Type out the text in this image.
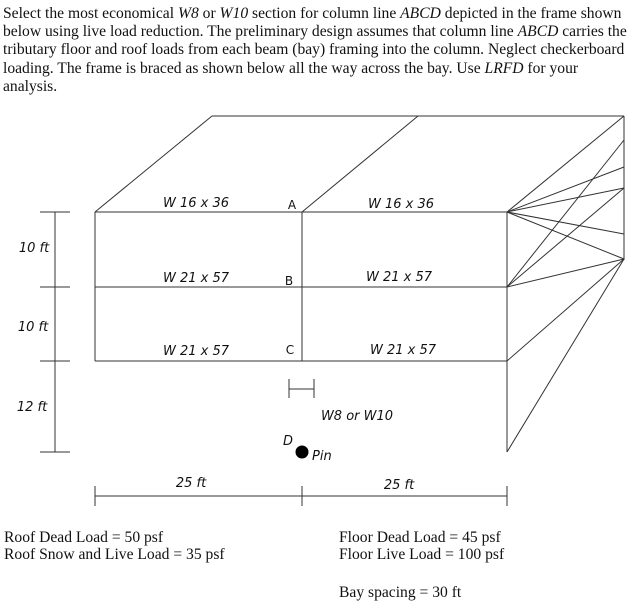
Select the most economical W8 or W10 section for column line ABCD depicted in the frame shown below using live load reduction. The preliminary design assumes that column line ABCD carries the tributary floor and roof loads from each beam (bay) framing into the column. Neglect checkerboard loading. The frame is braced as shown below all the way across the bay. Use LRFD for your analysis.

W 16 x 36	W 16 x 36
W 21 x 57	W 21 x 57
W 21 x 57	W 21 x 57
A
B
C
D
10 ft
10 ft
12 ft
W8 or W10
Pin
25 ft	25 ft
Roof Dead Load = 50 psf
Roof Snow and Live Load = 35 psf
Floor Dead Load = 45 psf
Floor Live Load = 100 psf
Bay spacing = 30 ft
